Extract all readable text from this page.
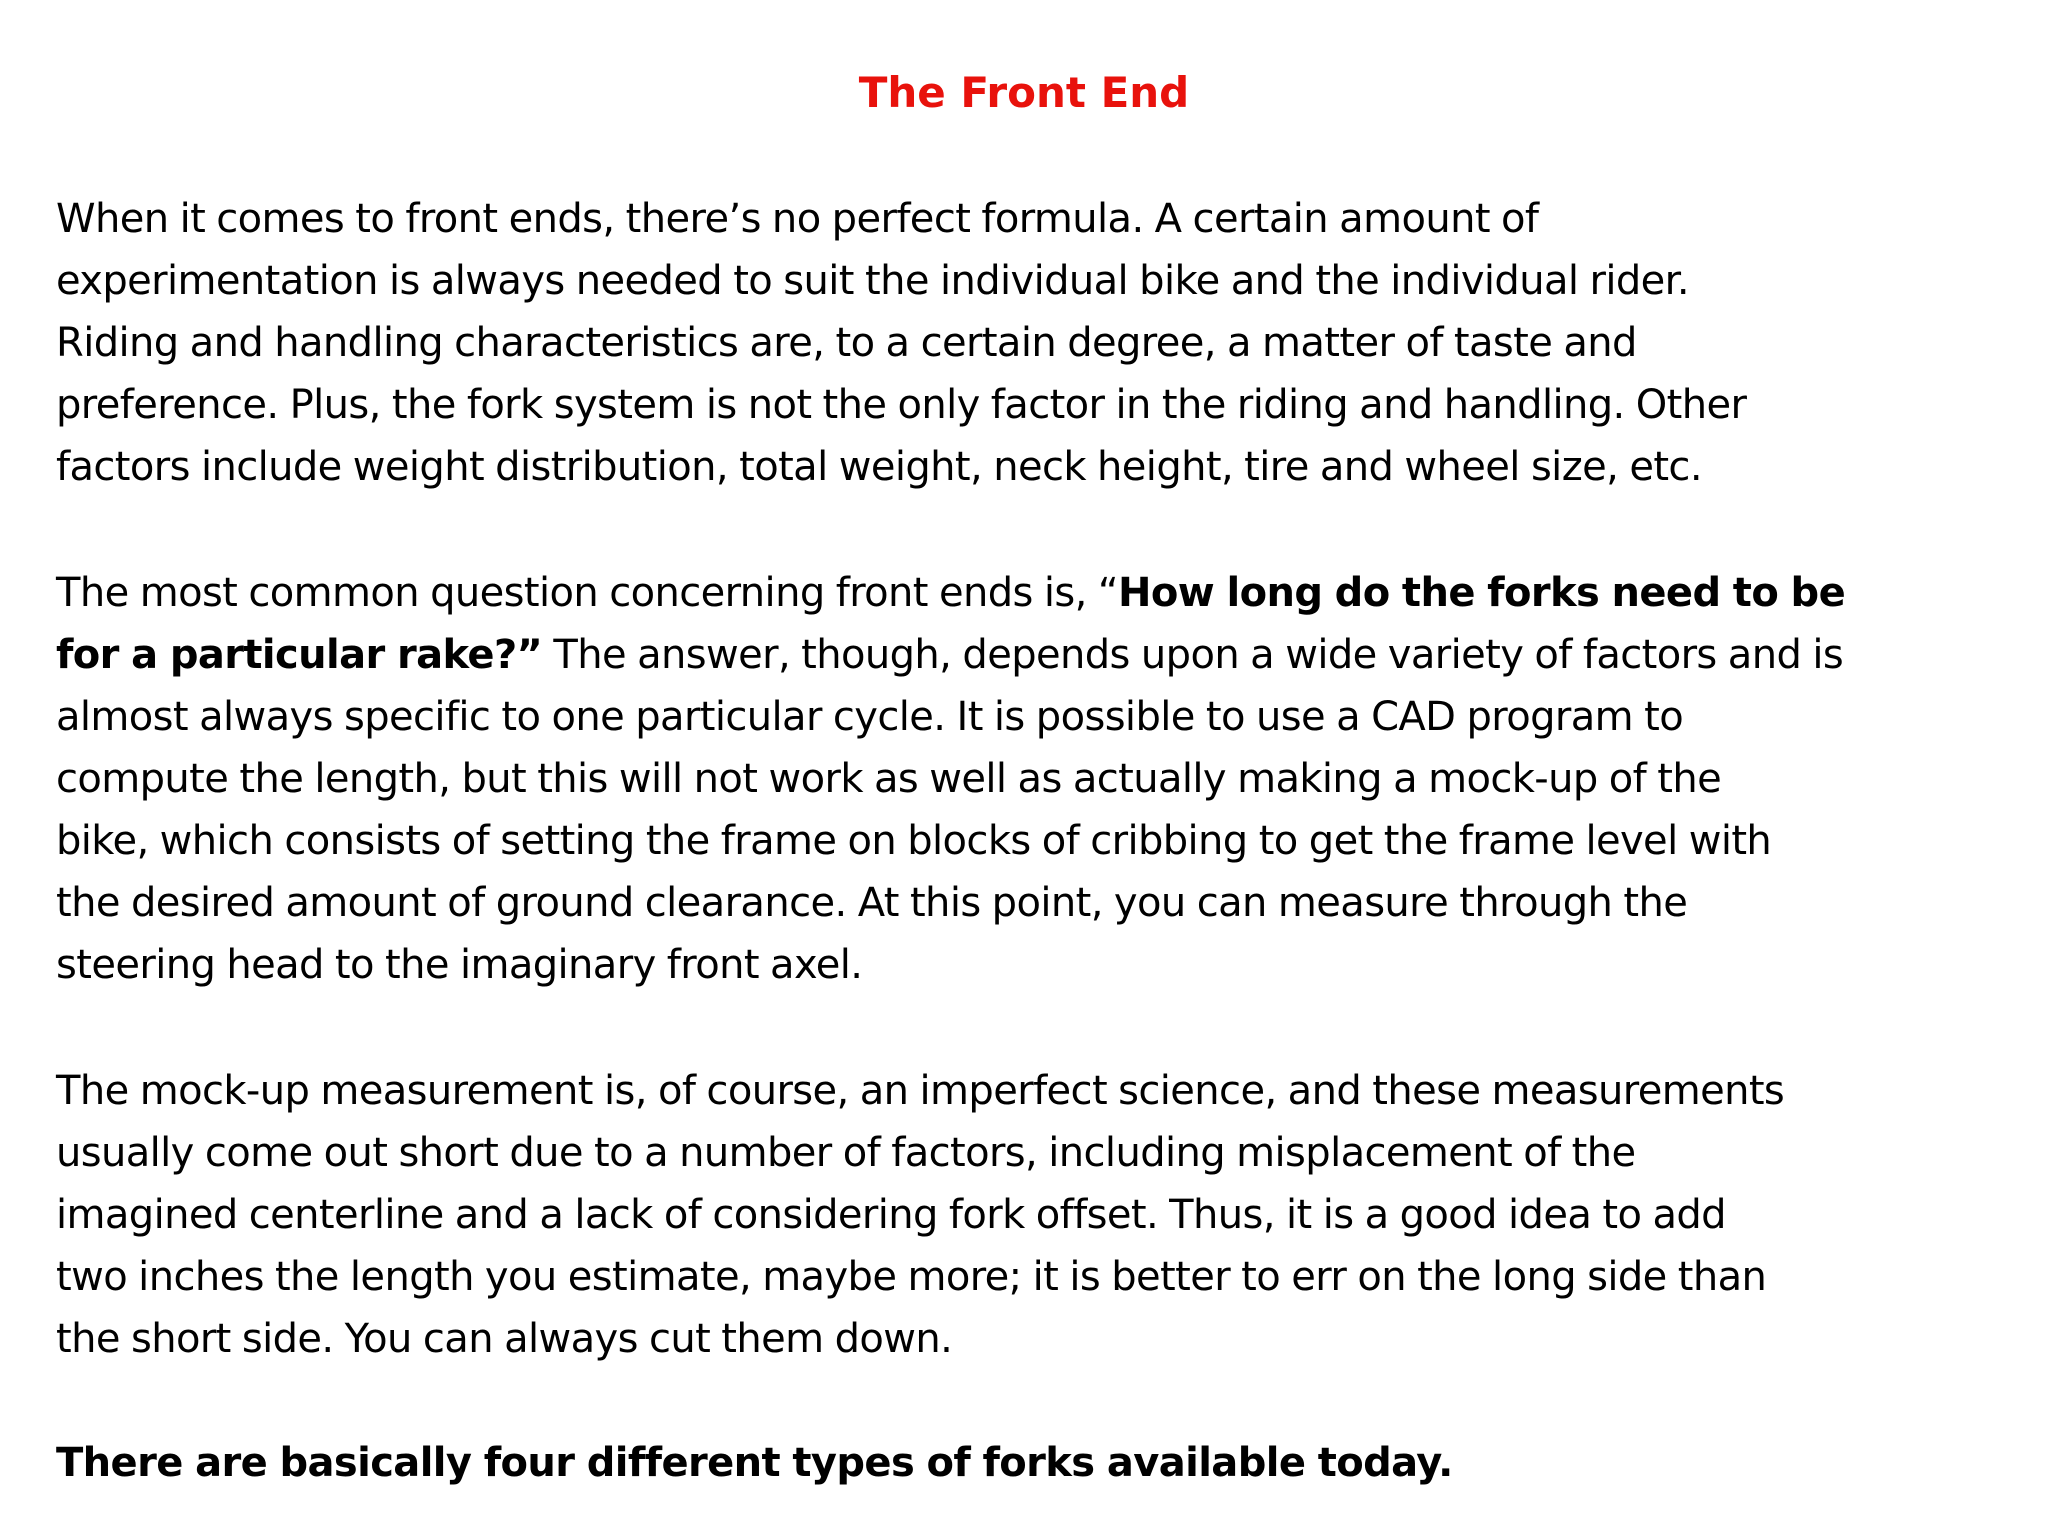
The Front End

When it comes to front ends, there’s no perfect formula. A certain amount of
experimentation is always needed to suit the individual bike and the individual rider.
Riding and handling characteristics are, to a certain degree, a matter of taste and
preference. Plus, the fork system is not the only factor in the riding and handling. Other
factors include weight distribution, total weight, neck height, tire and wheel size, etc.

The most common question concerning front ends is, “How long do the forks need to be
for a particular rake?” The answer, though, depends upon a wide variety of factors and is
almost always specific to one particular cycle. It is possible to use a CAD program to
compute the length, but this will not work as well as actually making a mock-up of the
bike, which consists of setting the frame on blocks of cribbing to get the frame level with
the desired amount of ground clearance. At this point, you can measure through the
steering head to the imaginary front axel.

The mock-up measurement is, of course, an imperfect science, and these measurements
usually come out short due to a number of factors, including misplacement of the
imagined centerline and a lack of considering fork offset. Thus, it is a good idea to add
two inches the length you estimate, maybe more; it is better to err on the long side than
the short side. You can always cut them down.

There are basically four different types of forks available today.
